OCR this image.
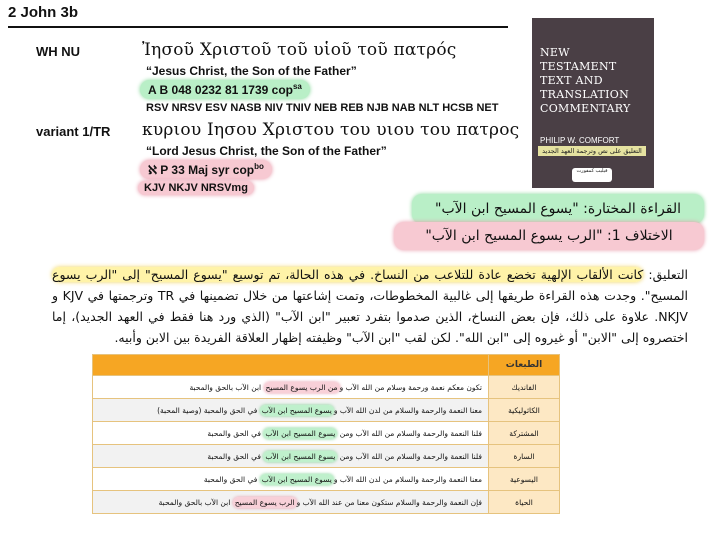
2 John 3b
WH NU	Ἰησοῦ Χριστοῦ τοῦ υἱοῦ τοῦ πατρός
“Jesus Christ, the Son of the Father”
A B 048 0232 81 1739 cop$^{sa}$
RSV NRSV ESV NASB NIV TNIV NEB REB NJB NAB NLT HCSB NET
variant 1/TR κυριου Ιησου Χριστου του υιου του πατρος
“Lord Jesus Christ, the Son of the Father”
ℵ P 33 Maj syr cop$^{bo}$
KJV NKJV NRSVmg
NEW TESTAMENT TEXT AND TRANSLATION COMMENTARY
PHILIP W. COMFORT
التعليق على نص وترجمة العهد الجديد
فيليب كمفورت
القراءة المختارة: "يسوع المسيح ابن الآب"
الاختلاف 1: "الرب يسوع المسيح ابن الآب"
التعليق: كانت الألقاب الإلهية تخضع عادة للتلاعب من النساخ. في هذه الحالة، تم توسيع "يسوع المسيح" إلى "الرب يسوع المسيح". وجدت هذه القراءة طريقها إلى غالبية المخطوطات، وتمت إشاعتها من خلال تضمينها في TR وترجمتها في KJV و NKJV. علاوة على ذلك، فإن بعض النساخ، الذين صدموا بتفرد تعبير "ابن الآب" (الذي ورد هنا فقط في العهد الجديد)، إما اختصروه إلى "الابن" أو غيروه إلى "ابن الله". لكن لقب "ابن الآب" وظيفته إظهار العلاقة الفريدة بين الابن وأبيه.
الطبعات	
الفانديك	تكون معكم نعمة ورحمة وسلام من الله الآب ومن الرب يسوع المسيح ابن الآب بالحق والمحبة
الكاثوليكية	معنا النعمة والرحمة والسلام من لدن الله الآب ويسوع المسيح ابن الآب في الحق والمحبة (وصية المحبة)
المشتركة	فلنا النعمة والرحمة والسلام من الله الآب ومن يسوع المسيح ابن الآب في الحق والمحبة
السارة	فلنا النعمة والرحمة والسلام من الله الآب ومن يسوع المسيح ابن الآب في الحق والمحبة
اليسوعية	معنا النعمة والرحمة والسلام من لدن الله الآب ويسوع المسيح ابن الآب في الحق والمحبة
الحياة	فإن النعمة والرحمة والسلام ستكون معنا من عند الله الآب والرب يسوع المسيح ابن الآب بالحق والمحبة
